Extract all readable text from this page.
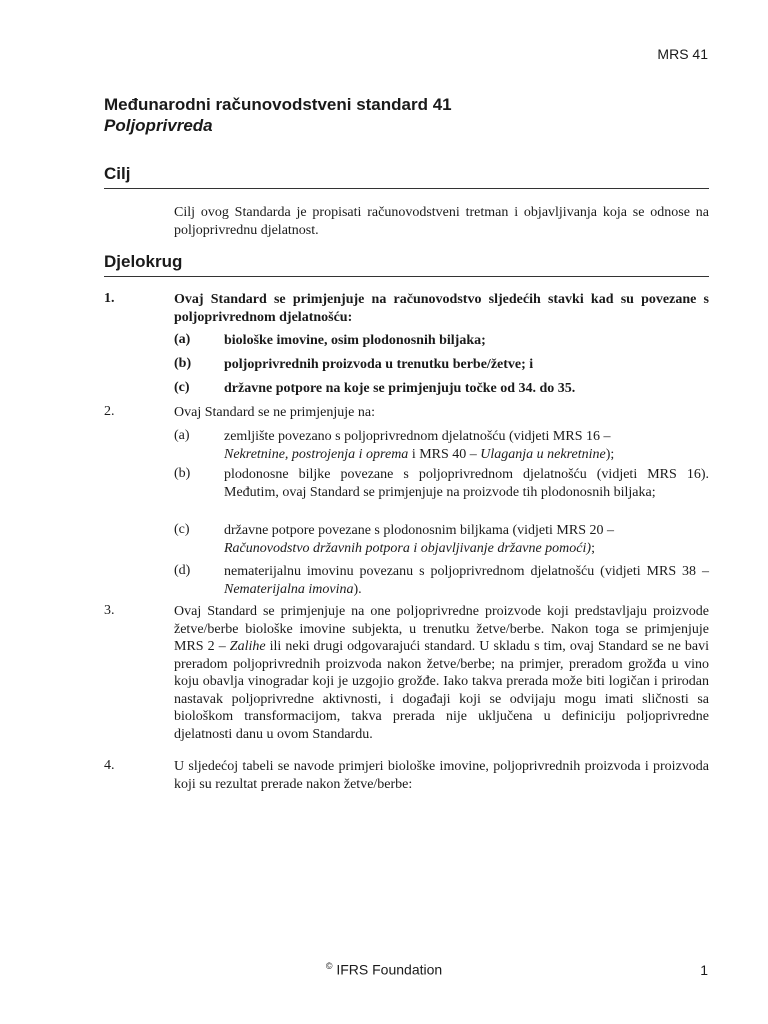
MRS 41
Međunarodni računovodstveni standard 41
Poljoprivreda
Cilj
Cilj ovog Standarda je propisati računovodstveni tretman i objavljivanja koja se odnose na poljoprivrednu djelatnost.
Djelokrug
1.	Ovaj Standard se primjenjuje na računovodstvo sljedećih stavki kad su povezane s poljoprivrednom djelatnošću:
(a) biološke imovine, osim plodonosnih biljaka;
(b) poljoprivrednih proizvoda u trenutku berbe/žetve; i
(c) državne potpore na koje se primjenjuju točke od 34. do 35.
2.	Ovaj Standard se ne primjenjuje na:
(a) zemljište povezano s poljoprivrednom djelatnošću (vidjeti MRS 16 –
Nekretnine, postrojenja i oprema i MRS 40 – Ulaganja u nekretnine);
(b) plodonosne biljke povezane s poljoprivrednom djelatnošću (vidjeti MRS 16). Međutim, ovaj Standard se primjenjuje na proizvode tih plodonosnih biljaka;
(c) državne potpore povezane s plodonosnim biljkama (vidjeti MRS 20 –
Računovodstvo državnih potpora i objavljivanje državne pomoći);
(d) nematerijalnu imovinu povezanu s poljoprivrednom djelatnošću (vidjeti MRS 38 –Nematerijalna imovina).
3.	Ovaj Standard se primjenjuje na one poljoprivredne proizvode koji predstavljaju proizvode žetve/berbe biološke imovine subjekta, u trenutku žetve/berbe. Nakon toga se primjenjuje MRS 2 – Zalihe ili neki drugi odgovarajući standard. U skladu s tim, ovaj Standard se ne bavi preradom poljoprivrednih proizvoda nakon žetve/berbe; na primjer, preradom grožđa u vino koju obavlja vinogradar koji je uzgojio grožđe. Iako takva prerada može biti logičan i prirodan nastavak poljoprivredne aktivnosti, i događaji koji se odvijaju mogu imati sličnosti sa biološkom transformacijom, takva prerada nije uključena u definiciju poljoprivredne djelatnosti danu u ovom Standardu.
4.	U sljedećoj tabeli se navode primjeri biološke imovine, poljoprivrednih proizvoda i proizvoda koji su rezultat prerade nakon žetve/berbe:
© IFRS Foundation	1
